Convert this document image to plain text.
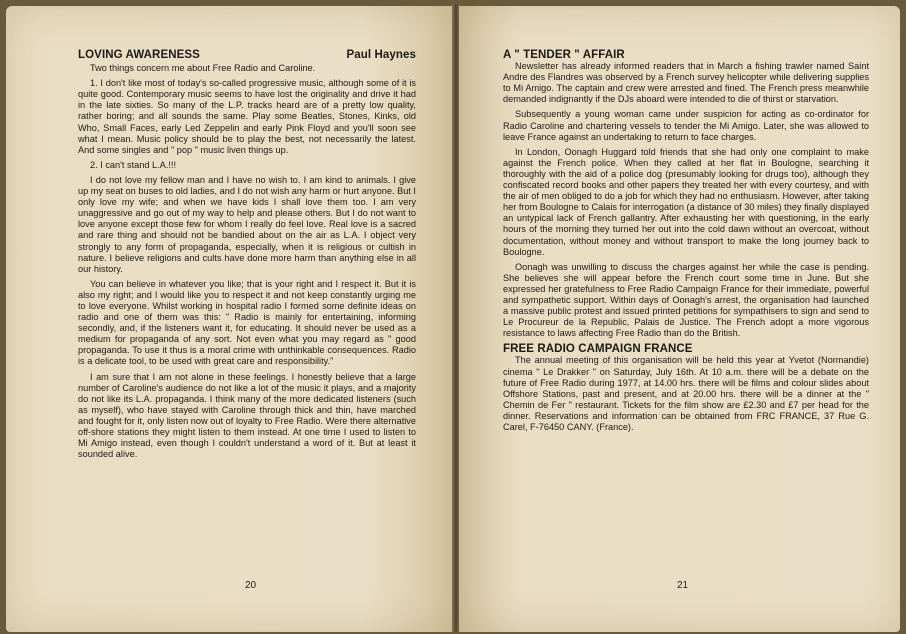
LOVING AWARENESS	Paul Haynes

Two things concern me about Free Radio and Caroline.

1. I don't like most of today's so-called progressive music, although some of it is quite good. Contemporary music seems to have lost the originality and drive it had in the late sixties. So many of the L.P. tracks heard are of a pretty low quality, rather boring; and all sounds the same. Play some Beatles, Stones, Kinks, old Who, Small Faces, early Led Zeppelin and early Pink Floyd and you'll soon see what I mean. Music policy should be to play the best, not necessarily the latest. And some singles and " pop " music liven things up.

2. I can't stand L.A.!!!

I do not love my fellow man and I have no wish to. I am kind to animals. I give up my seat on buses to old ladies, and I do not wish any harm or hurt anyone. But I only love my wife; and when we have kids I shall love them too. I am very unaggressive and go out of my way to help and please others. But I do not want to love anyone except those few for whom I really do feel love. Real love is a sacred and rare thing and should not be bandied about on the air as L.A. I object very strongly to any form of propaganda, especially, when it is religious or cultish in nature. I believe religions and cults have done more harm than anything else in all our history.

You can believe in whatever you like; that is your right and I respect it. But it is also my right; and I would like you to respect it and not keep constantly urging me to love everyone. Whilst working in hospital radio I formed some definite ideas on radio and one of them was this: " Radio is mainly for entertaining, informing secondly, and, if the listeners want it, for educating. It should never be used as a medium for propaganda of any sort. Not even what you may regard as " good propaganda. To use it thus is a moral crime with unthinkable consequences. Radio is a delicate tool, to be used with great care and responsibility."

I am sure that I am not alone in these feelings. I honestly believe that a large number of Caroline's audience do not like a lot of the music it plays, and a majority do not like its L.A. propaganda. I think many of the more dedicated listeners (such as myself), who have stayed with Caroline through thick and thin, have marched and fought for it, only listen now out of loyalty to Free Radio. Were there alternative off-shore stations they might listen to them instead. At one time I used to listen to Mi Amigo instead, even though I couldn't understand a word of it. But at least it sounded alive.

20
A " TENDER " AFFAIR

Newsletter has already informed readers that in March a fishing trawler named Saint Andre des Flandres was observed by a French survey helicopter while delivering supplies to Mi Amigo. The captain and crew were arrested and fined. The French press meanwhile demanded indignantly if the DJs aboard were intended to die of thirst or starvation.

Subsequently a young woman came under suspicion for acting as co-ordinator for Radio Caroline and chartering vessels to tender the Mi Amigo. Later, she was allowed to leave France against an undertaking to return to face charges.

In London, Oonagh Huggard told friends that she had only one complaint to make against the French police. When they called at her flat in Boulogne, searching it thoroughly with the aid of a police dog (presumably looking for drugs too), although they confiscated record books and other papers they treated her with every courtesy, and with the air of men obliged to do a job for which they had no enthusiasm. However, after taking her from Boulogne to Calais for interrogation (a distance of 30 miles) they finally displayed an untypical lack of French gallantry. After exhausting her with questioning, in the early hours of the morning they turned her out into the cold dawn without an overcoat, without documentation, without money and without transport to make the long journey back to Boulogne.

Oonagh was unwilling to discuss the charges against her while the case is pending. She believes she will appear before the French court some time in June. But she expressed her gratefulness to Free Radio Campaign France for their immediate, powerful and sympathetic support. Within days of Oonagh's arrest, the organisation had launched a massive public protest and issued printed petitions for sympathisers to sign and send to Le Procureur de la Republic, Palais de Justice. The French adopt a more vigorous resistance to laws affecting Free Radio than do the British.

FREE RADIO CAMPAIGN FRANCE

The annual meeting of this organisation will be held this year at Yvetot (Normandie) cinema " Le Drakker " on Saturday, July 16th. At 10 a.m. there will be a debate on the future of Free Radio during 1977, at 14.00 hrs. there will be films and colour slides about Offshore Stations, past and present, and at 20.00 hrs. there will be a dinner at the " Chemin de Fer " restaurant. Tickets for the film show are £2.30 and £7 per head for the dinner. Reservations and information can be obtained from FRC FRANCE, 37 Rue G. Carel, F-76450 CANY. (France).

21
